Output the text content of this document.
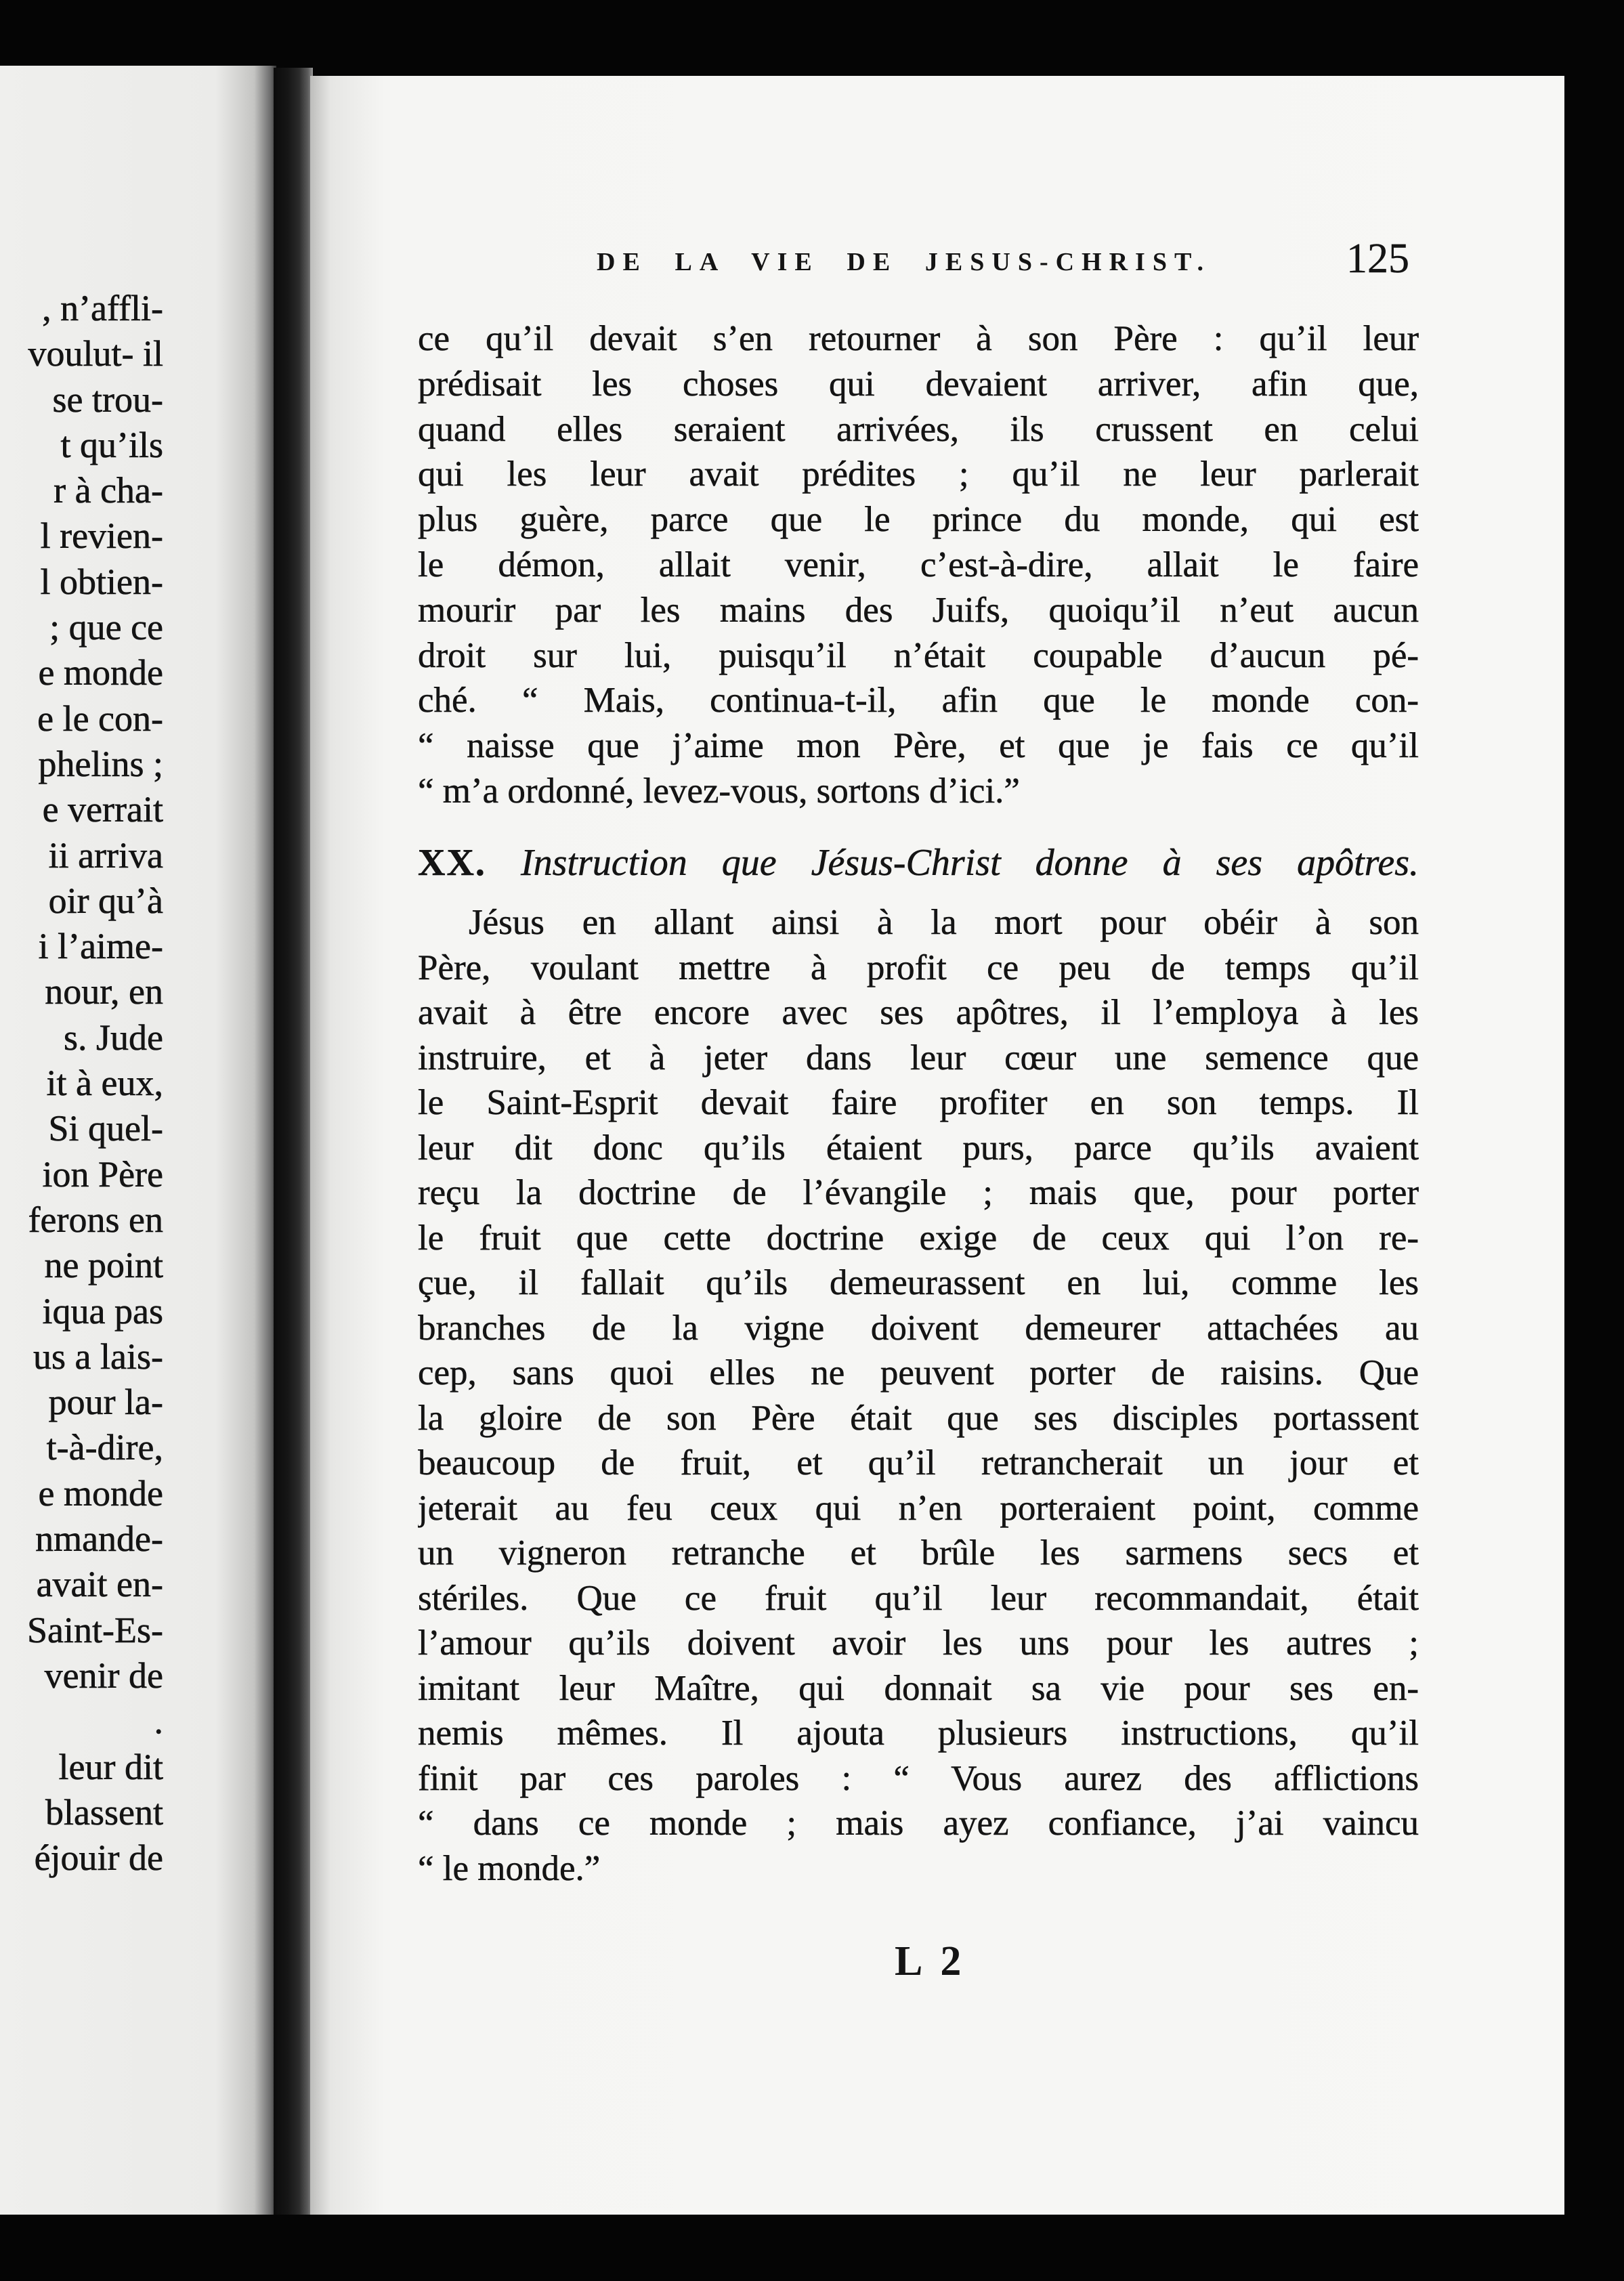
, n’affli-
voulut- il
se trou-
t qu’ils
r à cha-
l revien-
l obtien-
; que ce
e monde
e le con-
phelins ;
e verrait
ii arriva
oir qu’à
i l’aime-
nour, en
s. Jude
it à eux,
Si quel-
ion Père
ferons en
ne point
iqua pas
us a lais-
pour la-
t-à-dire,
e monde
nmande-
avait en-
Saint-Es-
venir de
.
leur dit
blassent
éjouir de
DE LA VIE DE JESUS-CHRIST.	125
ce qu’il devait s’en retourner à son Père : qu’il leur
prédisait les choses qui devaient arriver, afin que,
quand elles seraient arrivées, ils crussent en celui
qui les leur avait prédites ; qu’il ne leur parlerait
plus guère, parce que le prince du monde, qui est
le démon, allait venir, c’est-à-dire, allait le faire
mourir par les mains des Juifs, quoiqu’il n’eut aucun
droit sur lui, puisqu’il n’était coupable d’aucun pé-
ché. “ Mais, continua-t-il, afin que le monde con-
“ naisse que j’aime mon Père, et que je fais ce qu’il
“ m’a ordonné, levez-vous, sortons d’ici.”
XX. Instruction que Jésus-Christ donne à ses apôtres.
Jésus en allant ainsi à la mort pour obéir à son
Père, voulant mettre à profit ce peu de temps qu’il
avait à être encore avec ses apôtres, il l’employa à les
instruire, et à jeter dans leur cœur une semence que
le Saint-Esprit devait faire profiter en son temps. Il
leur dit donc qu’ils étaient purs, parce qu’ils avaient
reçu la doctrine de l’évangile ; mais que, pour porter
le fruit que cette doctrine exige de ceux qui l’on re-
çue, il fallait qu’ils demeurassent en lui, comme les
branches de la vigne doivent demeurer attachées au
cep, sans quoi elles ne peuvent porter de raisins. Que
la gloire de son Père était que ses disciples portassent
beaucoup de fruit, et qu’il retrancherait un jour et
jeterait au feu ceux qui n’en porteraient point, comme
un vigneron retranche et brûle les sarmens secs et
stériles. Que ce fruit qu’il leur recommandait, était
l’amour qu’ils doivent avoir les uns pour les autres ;
imitant leur Maître, qui donnait sa vie pour ses en-
nemis mêmes. Il ajouta plusieurs instructions, qu’il
finit par ces paroles : “ Vous aurez des afflictions
“ dans ce monde ; mais ayez confiance, j’ai vaincu
“ le monde.”
L 2
